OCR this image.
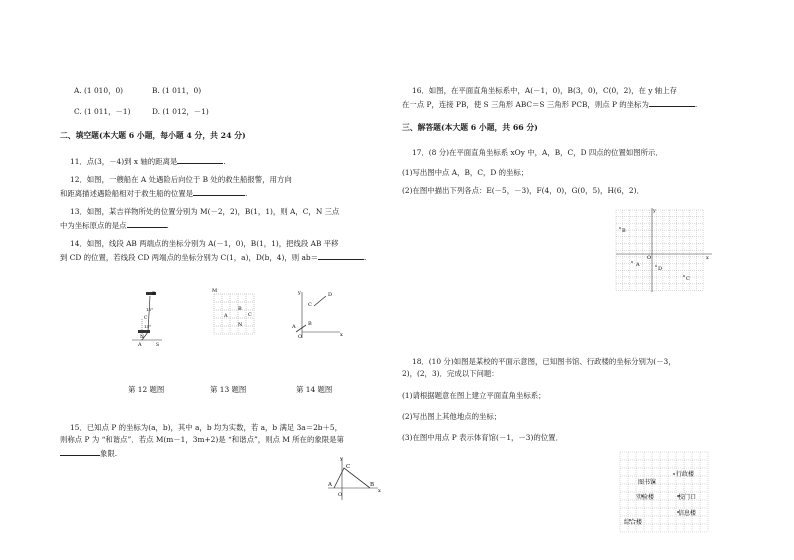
A. (1 010，0)	B. (1 011，0)
C. (1 011，－1)	D. (1 012，－1)
二、填空题(本大题 6 小题，每小题 4 分，共 24 分)
11．点(3，－4)到 x 轴的距离是	.
12．如图，一艘船在 A 处遇险后向位于 B 处的救生船报警，用方向
和距离描述遇险船相对于救生船的位置是	.
13．如图，某吉祥物所处的位置分别为 M(－2，2)，B(1，1)，则 A，C，N 三点
中为坐标原点的是点	.
14．如图，线段 AB 两端点的坐标分别为 A(－1，0)，B(1，1)，把线段 AB 平移
到 CD 的位置，若线段 CD 两端点的坐标分别为 C(1，a)，D(b，4)，则 ab＝	.
B
C
15°
15°
N
A	S
M
A
B
C
N
y
x
O
A B
C
D
第 12 题图	第 13 题图	第 14 题图
15．已知点 P 的坐标为(a，b)，其中 a，b 均为实数，若 a，b 满足 3a＝2b＋5，
则称点 P 为 “和谐点”．若点 M(m－1，3m+2)是 “和谐点”，则点 M 所在的象限是第
象限.
y
x
O
A	B
C
16．如图，在平面直角坐标系中，A(－1，0)，B(3，0)，C(0，2)，在 y 轴上存
在一点 P，连接 PB，使 S 三角形 ABC＝S 三角形 PCB，则点 P 的坐标为	.
三、解答题(本大题 6 小题，共 66 分)
17．(8 分)在平面直角坐标系 xOy 中，A，B，C，D 四点的位置如图所示．
(1)写出图中点 A，B，C，D 的坐标；
(2)在图中描出下列各点：E(－5，－3)，F(4，0)，G(0，5)，H(6，2)．
y
x
O
B
A
D
C
18．(10 分)如图是某校的平面示意图，已知图书馆、行政楼的坐标分别为(－3，
2)，(2，3)．完成以下问题：
(1)请根据题意在图上建立平面直角坐标系；
(2)写出图上其他地点的坐标；
(3)在图中用点 P 表示体育馆(－1，－3)的位置．
图书馆
行政楼
实验楼	校门口
信息楼
综合楼
